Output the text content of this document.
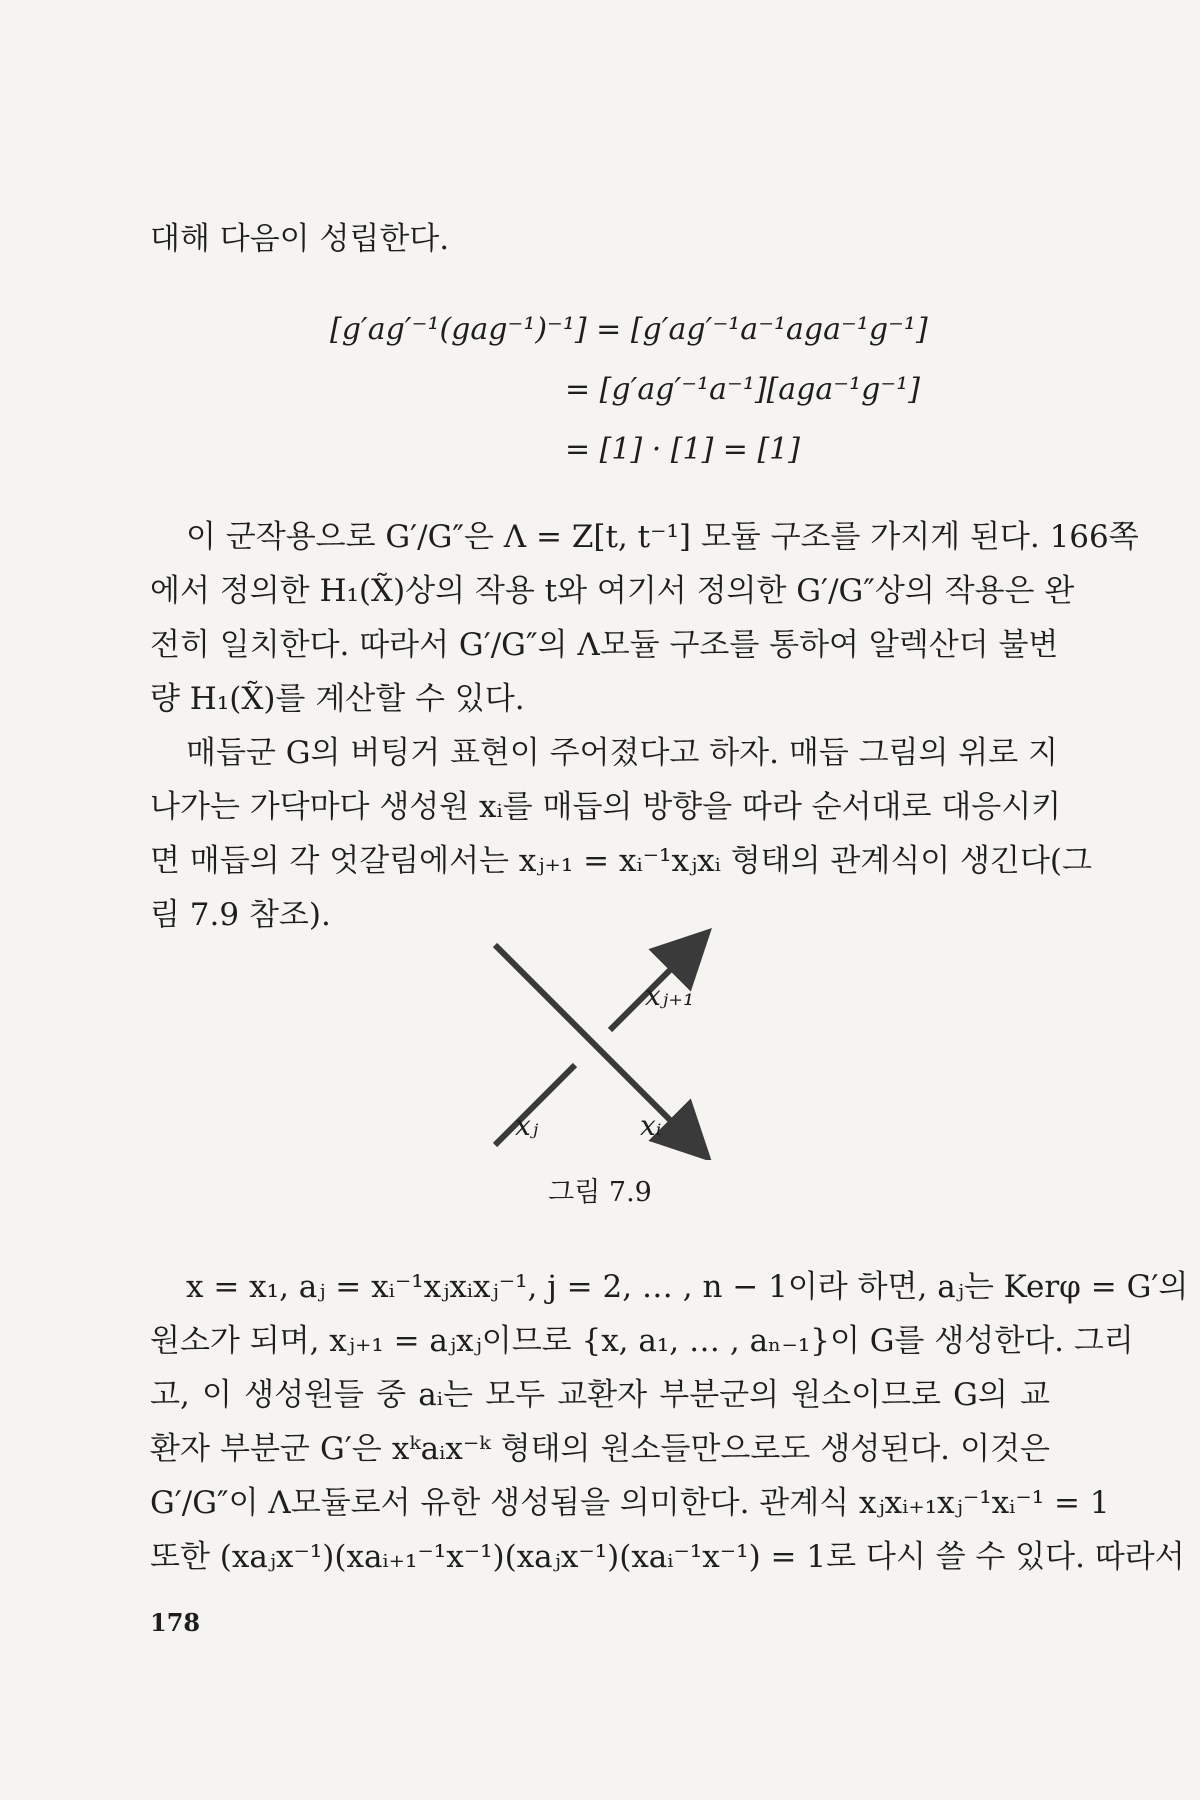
대해 다음이 성립한다.

[g′ag′⁻¹(gag⁻¹)⁻¹] = [g′ag′⁻¹a⁻¹aga⁻¹g⁻¹]
= [g′ag′⁻¹a⁻¹][aga⁻¹g⁻¹]
= [1] · [1] = [1]
이 군작용으로 G′/G″은 Λ = Z[t, t⁻¹] 모듈 구조를 가지게 된다. 166쪽
에서 정의한 H₁(X̃)상의 작용 t와 여기서 정의한 G′/G″상의 작용은 완
전히 일치한다. 따라서 G′/G″의 Λ모듈 구조를 통하여 알렉산더 불변
량 H₁(X̃)를 계산할 수 있다.
매듭군 G의 버팅거 표현이 주어졌다고 하자. 매듭 그림의 위로 지
나가는 가닥마다 생성원 xᵢ를 매듭의 방향을 따라 순서대로 대응시키
면 매듭의 각 엇갈림에서는 xⱼ₊₁ = xᵢ⁻¹xⱼxᵢ 형태의 관계식이 생긴다(그
림 7.9 참조).
xⱼ₊₁
xⱼ	xᵢ
그림 7.9
x = x₁, aⱼ = xᵢ⁻¹xⱼxᵢxⱼ⁻¹, j = 2, … , n − 1이라 하면, aⱼ는 Kerφ = G′의
원소가 되며, xⱼ₊₁ = aⱼxⱼ이므로 {x, a₁, … , aₙ₋₁}이 G를 생성한다. 그리
고, 이 생성원들 중 aᵢ는 모두 교환자 부분군의 원소이므로 G의 교
환자 부분군 G′은 xᵏaᵢx⁻ᵏ 형태의 원소들만으로도 생성된다. 이것은
G′/G″이 Λ모듈로서 유한 생성됨을 의미한다. 관계식 xⱼxᵢ₊₁xⱼ⁻¹xᵢ⁻¹ = 1
또한 (xaⱼx⁻¹)(xaᵢ₊₁⁻¹x⁻¹)(xaⱼx⁻¹)(xaᵢ⁻¹x⁻¹) = 1로 다시 쓸 수 있다. 따라서
178
